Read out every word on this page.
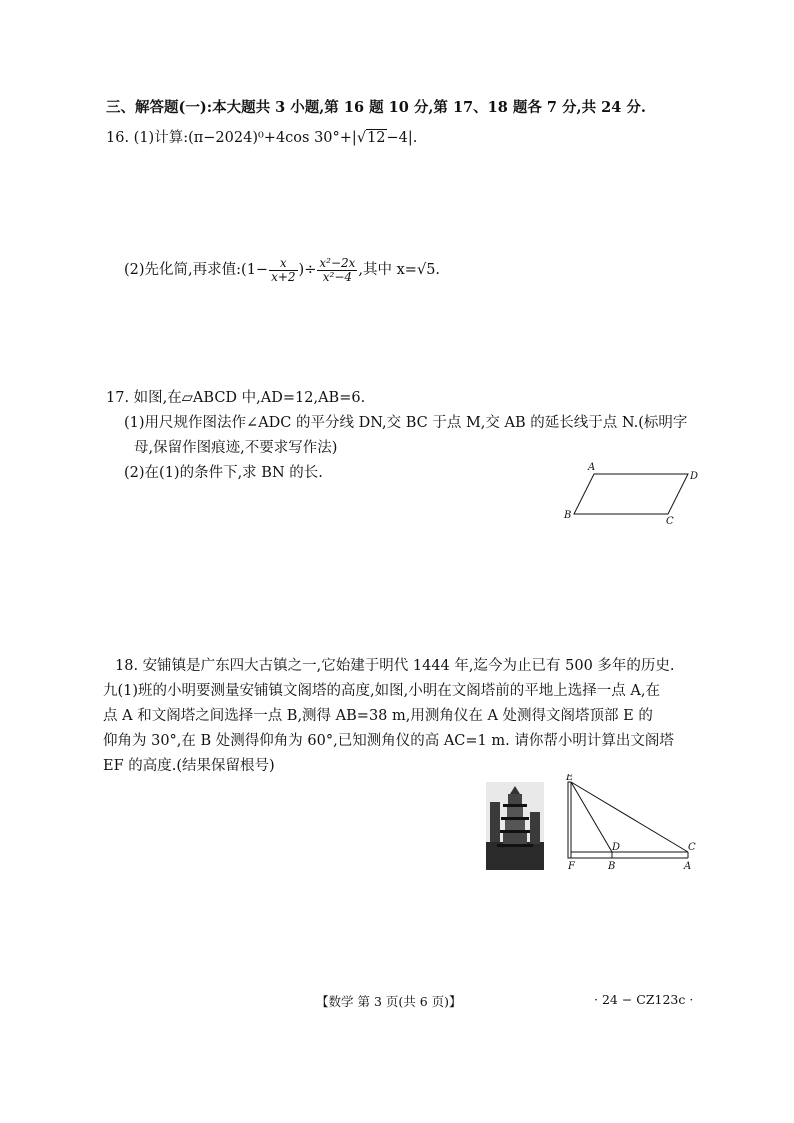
三、解答题(一):本大题共 3 小题,第 16 题 10 分,第 17、18 题各 7 分,共 24 分.
16. (1)计算:(π−2024)⁰+4cos 30°+|√12−4|.
(2)先化简,再求值:(1− $\frac{x}{x+2}$ )÷ $\frac{\text{x²−2x}}{\text{x²−4}}$ ,其中 x=√5.
17. 如图,在▱ABCD 中,AD=12,AB=6.
(1)用尺规作图法作∠ADC 的平分线 DN,交 BC 于点 M,交 AB 的延长线于点 N.(标明字
母,保留作图痕迹,不要求写作法)
(2)在(1)的条件下,求 BN 的长.	A
D
B
C
18. 安铺镇是广东四大古镇之一,它始建于明代 1444 年,迄今为止已有 500 多年的历史.
九(1)班的小明要测量安铺镇文阁塔的高度,如图,小明在文阁塔前的平地上选择一点 A,在
点 A 和文阁塔之间选择一点 B,测得 AB=38 m,用测角仪在 A 处测得文阁塔顶部 E 的
仰角为 30°,在 B 处测得仰角为 60°,已知测角仪的高 AC=1 m. 请你帮小明计算出文阁塔
EF 的高度.(结果保留根号)
E
D	C
F	B	A
【数学 第 3 页(共 6 页)】	· 24 − CZ123c ·
